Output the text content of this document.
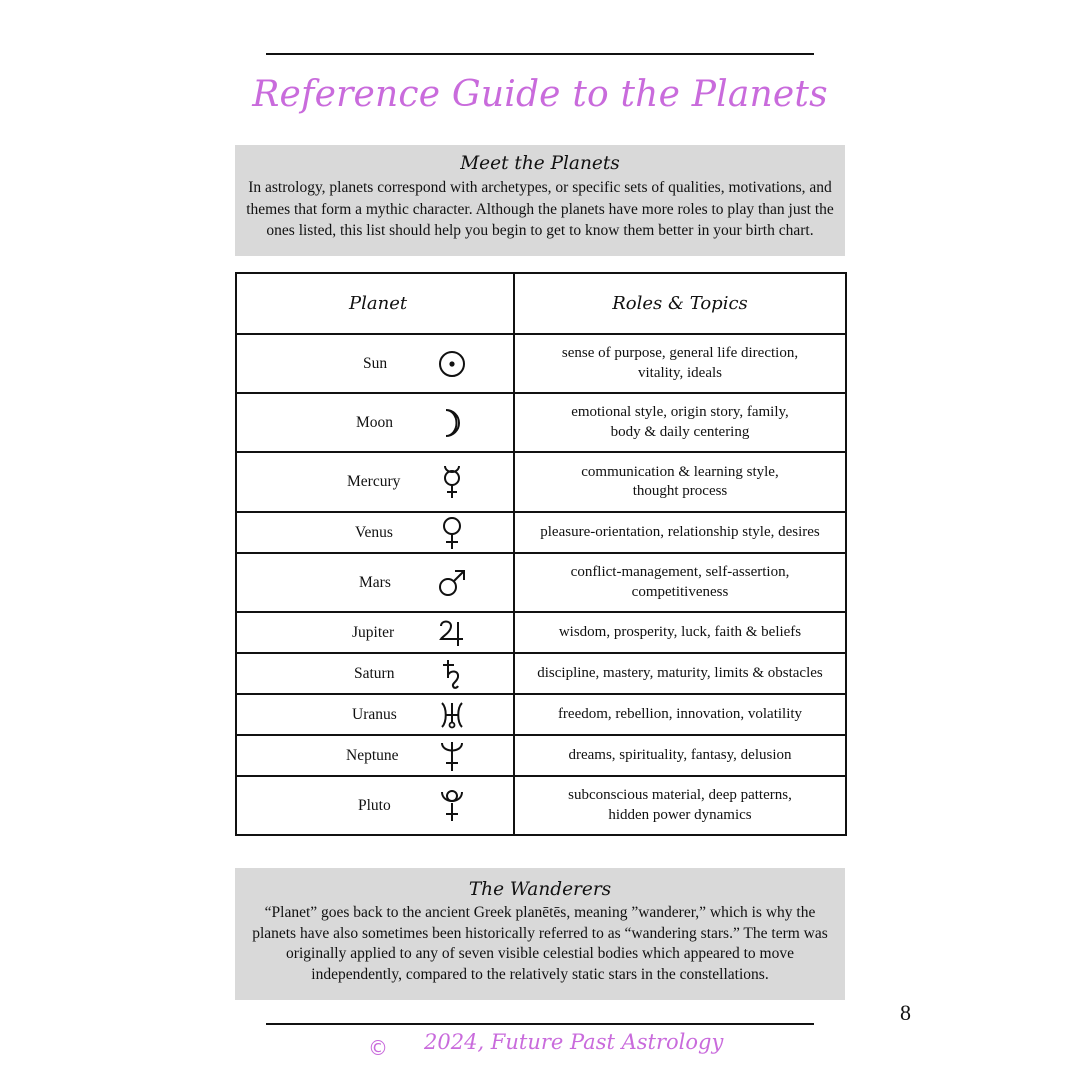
Reference Guide to the Planets
Meet the Planets
In astrology, planets correspond with archetypes, or specific sets of qualities, motivations, and themes that form a mythic character. Although the planets have more roles to play than just the ones listed, this list should help you begin to get to know them better in your birth chart.
Planet	Roles & Topics

Sun	sense of purpose, general life direction,
vitality, ideals

Moon	emotional style, origin story, family,
body & daily centering

Mercury	communication & learning style,
thought process

Venus	pleasure-orientation, relationship style, desires

Mars	conflict-management, self-assertion,
competitiveness

Jupiter	wisdom, prosperity, luck, faith & beliefs

Saturn	discipline, mastery, maturity, limits & obstacles

Uranus	freedom, rebellion, innovation, volatility

Neptune	dreams, spirituality, fantasy, delusion

Pluto	subconscious material, deep patterns,
hidden power dynamics
The Wanderers
“Planet” goes back to the ancient Greek planētēs, meaning ”wanderer,” which is why the planets have also sometimes been historically referred to as “wandering stars.” The term was originally applied to any of seven visible celestial bodies which appeared to move independently, compared to the relatively static stars in the constellations.
8
© 2024, Future Past Astrology
